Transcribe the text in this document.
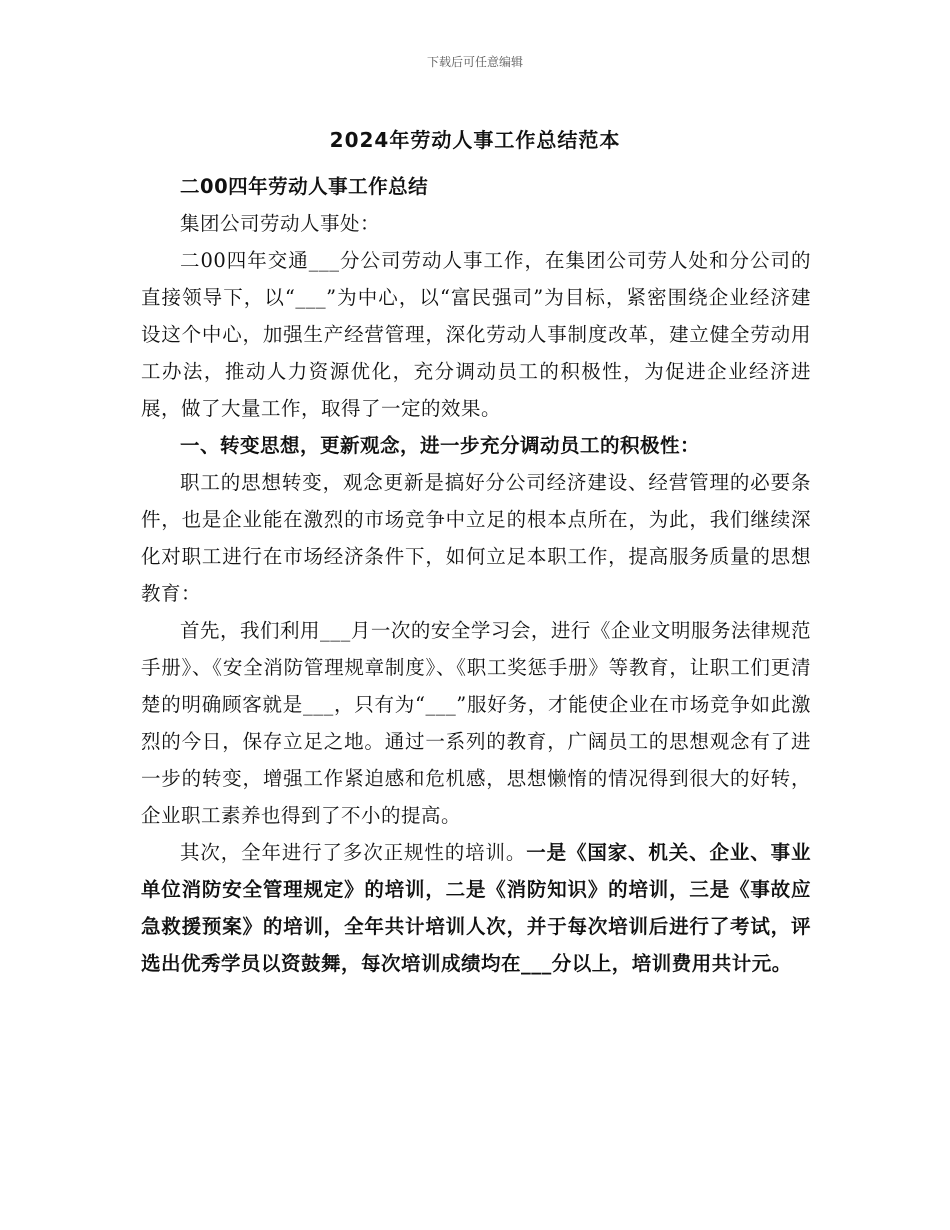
下载后可任意编辑
2024年劳动人事工作总结范本

二00四年劳动人事工作总结

集团公司劳动人事处：

二00四年交通___分公司劳动人事工作，在集团公司劳人处和分公司的直接领导下，以“___”为中心，以“富民强司”为目标，紧密围绕企业经济建设这个中心，加强生产经营管理，深化劳动人事制度改革，建立健全劳动用工办法，推动人力资源优化，充分调动员工的积极性，为促进企业经济进展，做了大量工作，取得了一定的效果。

一、转变思想，更新观念，进一步充分调动员工的积极性：

职工的思想转变，观念更新是搞好分公司经济建设、经营管理的必要条件，也是企业能在激烈的市场竞争中立足的根本点所在，为此，我们继续深化对职工进行在市场经济条件下，如何立足本职工作，提高服务质量的思想教育：

首先，我们利用___月一次的安全学习会，进行《企业文明服务法律规范手册》、《安全消防管理规章制度》、《职工奖惩手册》等教育，让职工们更清楚的明确顾客就是___，只有为“___”服好务，才能使企业在市场竞争如此激烈的今日，保存立足之地。通过一系列的教育，广阔员工的思想观念有了进一步的转变，增强工作紧迫感和危机感，思想懒惰的情况得到很大的好转，企业职工素养也得到了不小的提高。

其次，全年进行了多次正规性的培训。一是《国家、机关、企业、事业单位消防安全管理规定》的培训，二是《消防知识》的培训，三是《事故应急救援预案》的培训，全年共计培训人次，并于每次培训后进行了考试，评选出优秀学员以资鼓舞，每次培训成绩均在___分以上，培训费用共计元。
